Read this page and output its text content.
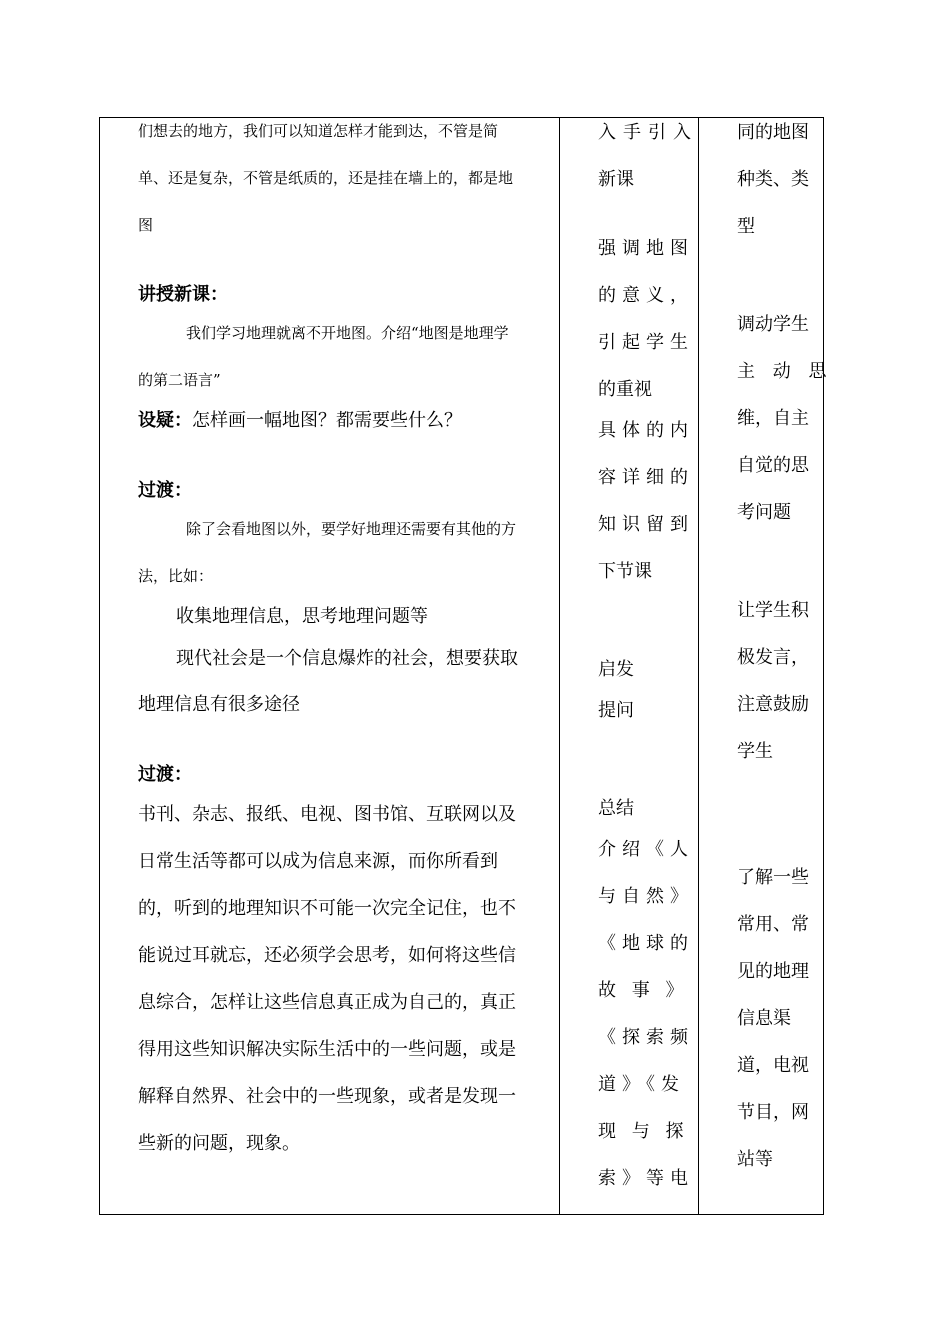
们想去的地方，我们可以知道怎样才能到达，不管是简
单、还是复杂，不管是纸质的，还是挂在墙上的，都是地
图
讲授新课：
我们学习地理就离不开地图。介绍“地图是地理学
的第二语言”
设疑：怎样画一幅地图？都需要些什么？
过渡：
除了会看地图以外，要学好地理还需要有其他的方
法，比如：
收集地理信息，思考地理问题等
现代社会是一个信息爆炸的社会，想要获取
地理信息有很多途径
过渡：
书刊、杂志、报纸、电视、图书馆、互联网以及
日常生活等都可以成为信息来源，而你所看到
的，听到的地理知识不可能一次完全记住，也不
能说过耳就忘，还必须学会思考，如何将这些信
息综合，怎样让这些信息真正成为自己的，真正
得用这些知识解决实际生活中的一些问题，或是
解释自然界、社会中的一些现象，或者是发现一
些新的问题，现象。
入手引入
新课
强调地图
的意义，
引起学生
的重视
具体的内
容详细的
知识留到
下节课
启发
提问
总结
介绍《人
与自然》
《地球的
故 事 》
《探索频
道》《发
现 与 探
索》等电
同的地图
种类、类
型
调动学生
主 动 思
维，自主
自觉的思
考问题
让学生积
极发言，
注意鼓励
学生
了解一些
常用、常
见的地理
信息渠
道，电视
节目，网
站等
